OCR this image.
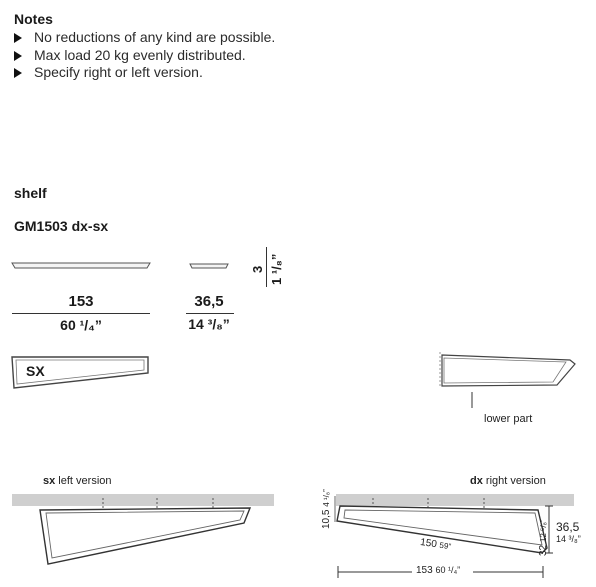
Notes
No reductions of any kind are possible.
Max load 20 kg evenly distributed.
Specify right or left version.
shelf
GM1503 dx-sx
153
60 ¹/₄”
36,5
14 ³/₈”
3 1 ¹/₈”
SX
lower part
sx left version	dx right version
10,5 4 ¹/₈”
150 59”	32 12 ⁵/₈” 36,5
14 ³/₈”
153 60 ¹/₄”
